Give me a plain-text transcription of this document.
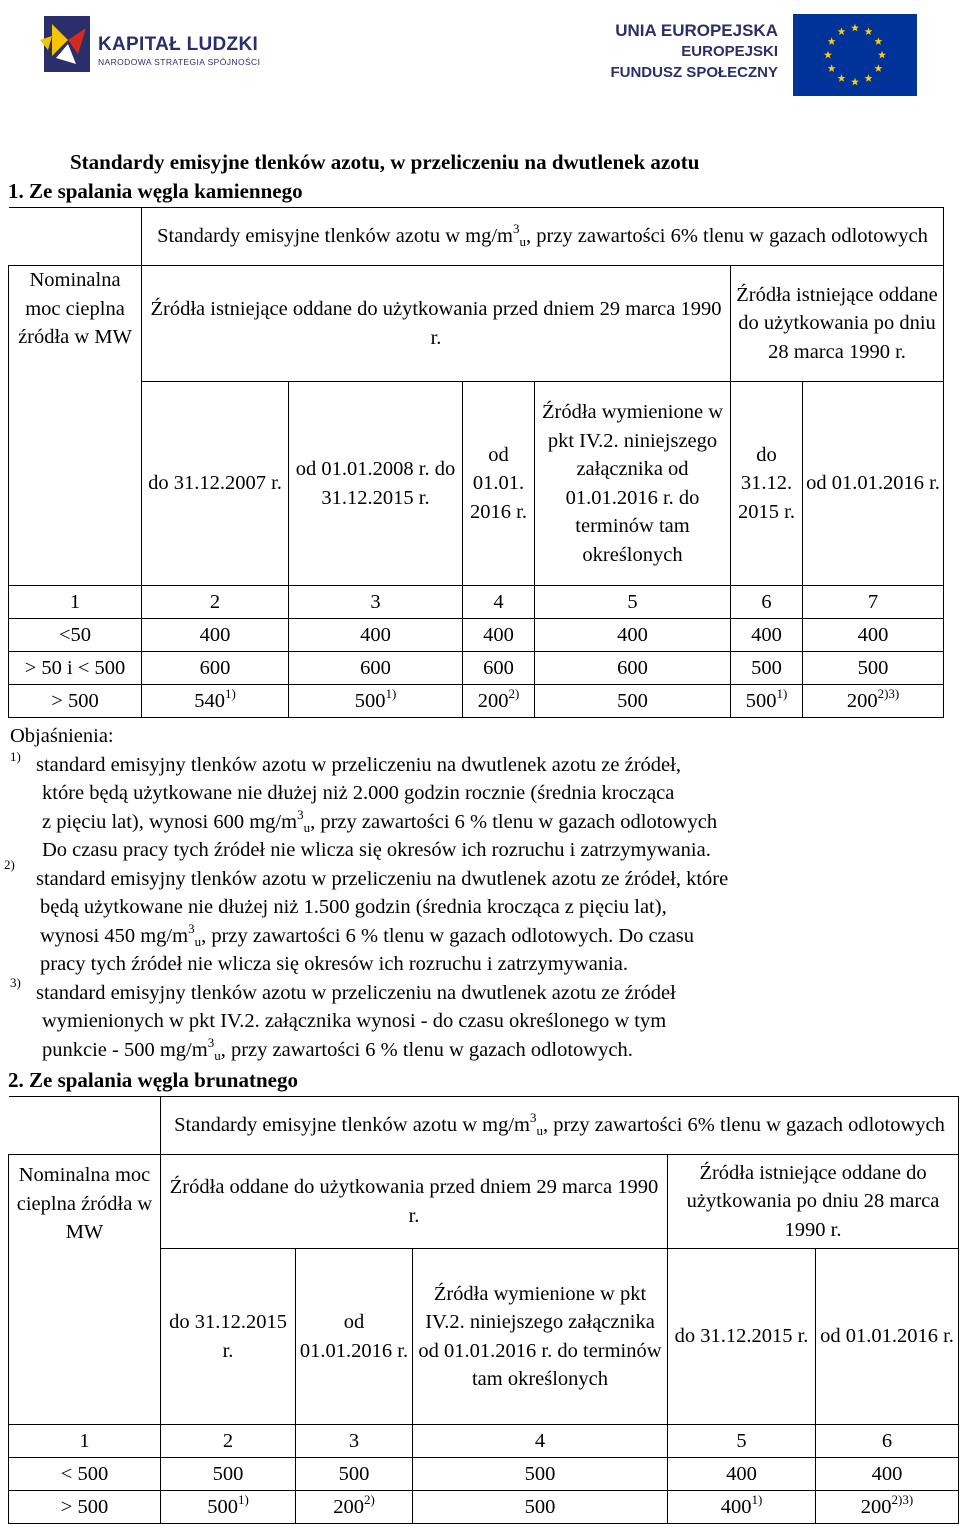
KAPITAŁ LUDZKI
NARODOWA STRATEGIA SPÓJNOŚCI
UNIA EUROPEJSKA
EUROPEJSKI
FUNDUSZ SPOŁECZNY
Standardy emisyjne tlenków azotu, w przeliczeniu na dwutlenek azotu
1. Ze spalania węgla kamiennego
	Standardy emisyjne tlenków azotu w $mg/m^3_u$, przy zawartości 6% tlenu w gazach odlotowych					
Nominalna moc cieplna źródła w MW	Źródła istniejące oddane do użytkowania przed dniem 29 marca 1990 r.				Źródła istniejące oddane do użytkowania po dniu 28 marca 1990 r.	
	do 31.12.2007 r.	od 01.01.2008 r. do 31.12.2015 r.	od 01.01. 2016 r.	Źródła wymienione w pkt IV.2. niniejszego załącznika od 01.01.2016 r. do terminów tam określonych	do 31.12. 2015 r.	od 01.01.2016 r.
1	2	3	4	5	6	7
<50	400	400	400	400	400	400
> 50 i < 500	600	600	600	600	500	500
> 500	540$^{1)}$	500$^{1)}$	200$^{2)}$	500	500$^{1)}$	$200^{2)3)}$
Objaśnienia:
1) standard emisyjny tlenków azotu w przeliczeniu na dwutlenek azotu ze źródeł,
które będą użytkowane nie dłużej niż 2.000 godzin rocznie (średnia krocząca
z pięciu lat), wynosi 600 $mg/m^3_u$, przy zawartości 6 % tlenu w gazach odlotowych
Do czasu pracy tych źródeł nie wlicza się okresów ich rozruchu i zatrzymywania.
2)
standard emisyjny tlenków azotu w przeliczeniu na dwutlenek azotu ze źródeł, które
będą użytkowane nie dłużej niż 1.500 godzin (średnia krocząca z pięciu lat),
wynosi 450 $mg/m^3_u$, przy zawartości 6 % tlenu w gazach odlotowych. Do czasu
pracy tych źródeł nie wlicza się okresów ich rozruchu i zatrzymywania.
3) standard emisyjny tlenków azotu w przeliczeniu na dwutlenek azotu ze źródeł
wymienionych w pkt IV.2. załącznika wynosi - do czasu określonego w tym
punkcie - 500 $mg/m^3_u$, przy zawartości 6 % tlenu w gazach odlotowych.
2. Ze spalania węgla brunatnego
	Standardy emisyjne tlenków azotu w $mg/m^3_u$, przy zawartości 6% tlenu w gazach odlotowych				
Nominalna moc cieplna źródła w MW	Źródła oddane do użytkowania przed dniem 29 marca 1990 r.			Źródła istniejące oddane do użytkowania po dniu 28 marca 1990 r.	
	do 31.12.2015 r.	od 01.01.2016 r.	Źródła wymienione w pkt IV.2. niniejszego załącznika od 01.01.2016 r. do terminów tam określonych	do 31.12.2015 r.	od 01.01.2016 r.
1	2	3	4	5	6
< 500	500	500	500	400	400
> 500	500$^{1)}$	200$^{2)}$	500	400$^{1)}$	$200^{2)3)}$
